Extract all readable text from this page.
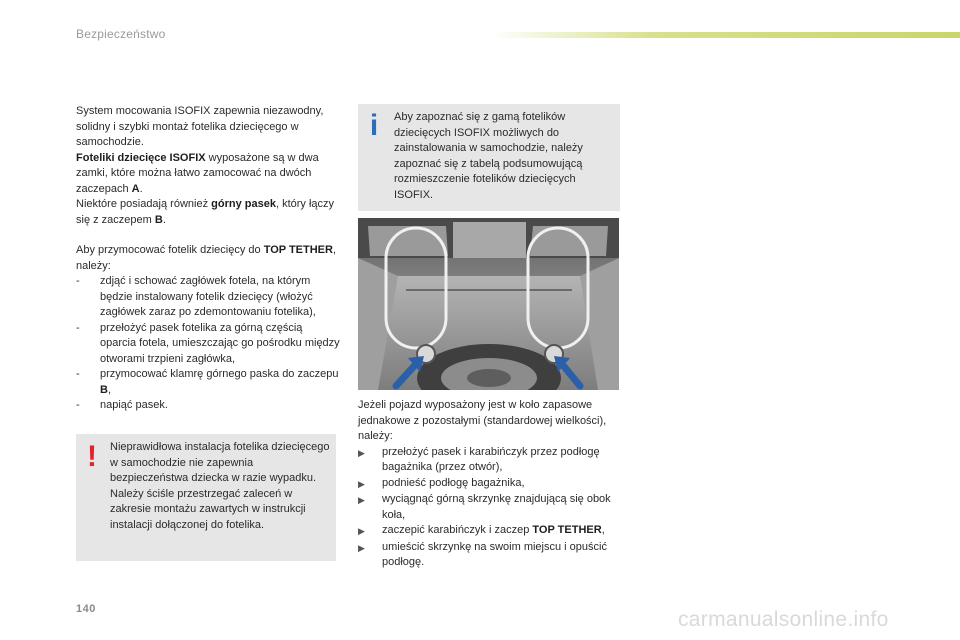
Bezpieczeństwo
System mocowania ISOFIX zapewnia niezawodny, solidny i szybki montaż fotelika dziecięcego w samochodzie.
Foteliki dziecięce ISOFIX wyposażone są w dwa zamki, które można łatwo zamocować na dwóch zaczepach A.
Niektóre posiadają również górny pasek, który łączy się z zaczepem B.
Aby przymocować fotelik dziecięcy do TOP TETHER, należy:
-	zdjąć i schować zagłówek fotela, na którym będzie instalowany fotelik dziecięcy (włożyć zagłówek zaraz po zdemontowaniu fotelika),
-	przełożyć pasek fotelika za górną częścią oparcia fotela, umieszczając go pośrodku między otworami trzpieni zagłówka,
-	przymocować klamrę górnego paska do zaczepu B,
-	napiąć pasek.
! Nieprawidłowa instalacja fotelika dziecięcego w samochodzie nie zapewnia bezpieczeństwa dziecka w razie wypadku.
Należy ściśle przestrzegać zaleceń w zakresie montażu zawartych w instrukcji instalacji dołączonej do fotelika.
i Aby zapoznać się z gamą fotelików dziecięcych ISOFIX możliwych do zainstalowania w samochodzie, należy zapoznać się z tabelą podsumowującą rozmieszczenie fotelików dziecięcych ISOFIX.
Jeżeli pojazd wyposażony jest w koło zapasowe jednakowe z pozostałymi (standardowej wielkości), należy:
▶	przełożyć pasek i karabińczyk przez podłogę bagażnika (przez otwór),
▶	podnieść podłogę bagażnika,
▶	wyciągnąć górną skrzynkę znajdującą się obok koła,
▶	zaczepić karabińczyk i zaczep TOP TETHER,
▶	umieścić skrzynkę na swoim miejscu i opuścić podłogę.
140	carmanualsonline.info
